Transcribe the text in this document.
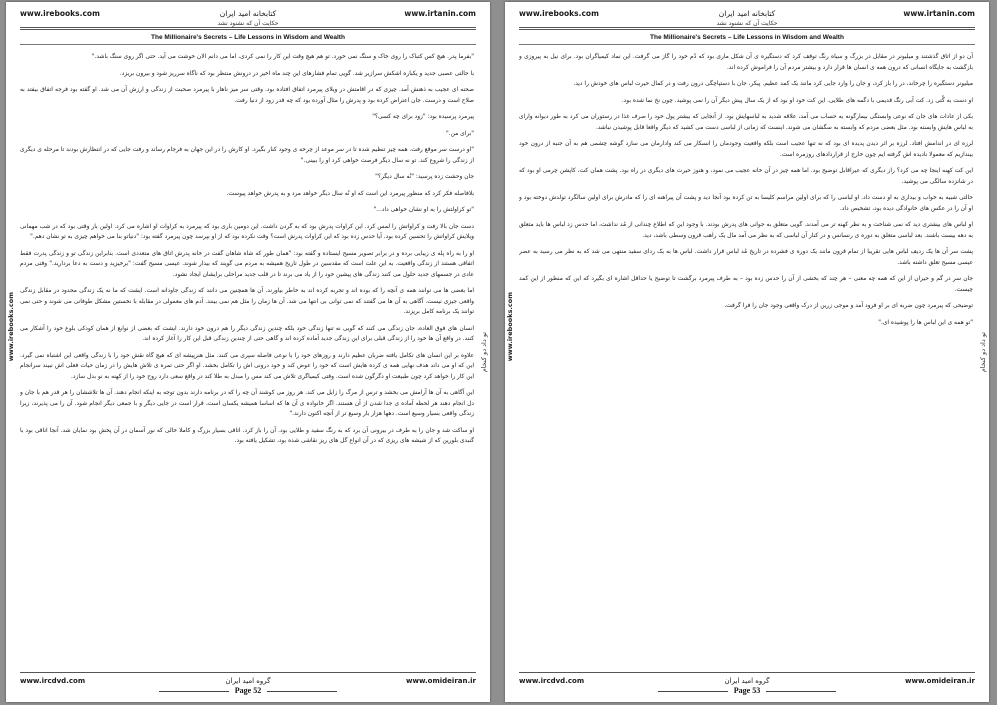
www.irebooks.com	کتابخانه امید ایران	www.irtanin.com
حکایت آن که نشنود نشد
The Millionaire's Secrets – Life Lessons in Wisdom and Wealth

"بفرما پدر. هیچ کس کتباک را روی خاک و سنگ نمی خورد. تو هم هیچ وقت این کار را نمی کردی، اما می دانم الان خوشت می آید. حتی اگر روی سنگ باشد."

با حالتی عصبی جدید و یکباره اشکش سرازیر شد. گویی تمام فشارهای این چند ماه اخیر در درونش منتظر بود که ناگاه سرریز شود و بیرون بریزد.

صحنه ای عجیب به ذهنش آمد. چیزی که در اقامتش در ویلای پیرمرد اتفاق افتاده بود. وقتی سر میز ناهار با پیرمرد صحبت از زندگی و ارزش آن می شد. او گفته بود فرجه اتفاق بیفتد به صلاح است و درست. جان اعتراض کرده بود و پدرش را مثال آورده بود که چه قدر زود از دنیا رفت.

پیرمرد پرسیده بود: "زود برای چه کسی؟"

"برای من."

"او درست سر موقع رفت. همه چیز تنظیم شده تا در سر موعد از چرخه ی وجود کنار بگیرد. او کارش را در این جهان به فرجام رساند و رفت جایی که در انتظارش بودند تا مرحله ی دیگری از زندگی را شروع کند. تو نه سال دیگر فرصت خواهی کرد او را ببینی."

جان وحشت زده پرسید: "نُه سال دیگر؟"

بلافاصله فکر کرد که منظور پیرمرد این است که او نُه سال دیگر خواهد مرد و به پدرش خواهد پیوست.

"تو کراولتش را به او نشان خواهی داد..."

دست جان بالا رفت و کراواتش را لمس کرد. این کراوات پدرش بود که به گردن داشت. این دومین باری بود که پیرمرد به کراوات او اشاره می کرد. اولین بار وقتی بود که در شب مهمانی ویلایش کراواتش را تحسین کرده بود. آیا حدس زده بود که این کراوات پدرش است؟ وقت نکرده بود که از او بپرسد چون پیرمرد گفته بود: "دنیاتو بنا می خواهم چیزی به تو نشان دهم."

او را به راه پله ی زیبایی برده و در برابر تصویر مسیح ایستاده و گفته بود: "همان طور که شاه شاهان گفت در خانه پدرش اتاق های متعددی است. بنابراین زندگی تو و زندگی پدرت فقط اتفاقی هستند از زندگی واقعیت. به این علت است که مقدسین در طول تاریخ همیشه به مردم می گویند که بیدار شوند. عیسی مسیح گفت: "برخیزید و دست به دعا بردارید." وقتی مردم عادی در جسمهای جدید حلول می کنند زندگی های پیشین خود را از یاد می برند تا در قلب جدید مراحلی برایشان ایجاد نشود.

اما بعضی ها می توانند همه ی آنچه را که بوده اند و تجربه کرده اند به خاطر بیاورند. آن ها همچنین می دانند که زندگی جاودانه است. ایشت که ما نه یک زندگی محدود در مقابل زندگی واقعی جیزی نیست. آگاهی به آن ها می گفتند که نمی توانی بی انتها می شد. آن ها زمان را مثل هم نمی بینند. آدم های معمولی در مقابله با نخستین مشکل طوفانی می شوند و حتی نمی توانند یک برنامه کامل بریزند.

انسان های فوق العاده، جان زندگی می کنند که گویی نه تنها زندگی خود بلکه چندین زندگی دیگر را هم درون خود دارند. ایشت که بعضی از نوابغ از همان کودکی بلوغ خود را آشکار می کنند. در واقع آن ها خود را از زندگی قبلی برای این زندگی جدید آماده کرده اند و گاهی حتی از چندین زندگی قبل این کار را آغاز کرده اند.

علاوه بر این انسان های تکامل یافته ضربان عظیم دارند و روزهای خود را با نوعی فاصله سپری می کنند. مثل هنرپیشه ای که هیچ گاه نقش خود را با زندگی واقعی این اشتباه نمی گیرد. این که او می داند هدف نهایی همه ی کرده هایش است که خود را عوض کند و خود درونی اش را تکامل بخشد. او اگر حتی تمره ی تلاش هایش را در زمان حیات فعلی اش نبیند سرانجام این کار را خواهد کرد چون طبیعت او دگرگون شده است. وقتی کیمیاگری تلاش می کند مس را مبدل به طلا کند در واقع سعی دارد روح خود را از کهنه به نو بدل سازد.

این آگاهی به آن ها آرامش می بخشد و ترس از مرگ را زایل می کند. هر روز می کوشند آن چه را که در برنامه دارند بدون توجه به اینکه انجام دهند. آن ها تلاششان را هر قدر هم با جان و دل انجام دهند هر لحظه آماده ی جدا شدن از آن هستند. اگر خانواده ی آن ها که اساسا همیشه یکسان است، قرار است در جایی دیگر و با جمعی دیگر انجام شود. آن را می پذیرند، زیرا زندگی واقعی بسیار وسیع است. دهها هزار بار وسیع تر از آنچه اکنون دارند."

او ساکت شد و جان را به طرف در بیرونی آن برد که به رنگ سفید و طلایی بود. آن را باز کرد. اتاقی بسیار بزرگ و کاملا خالی که نور آسمان در آن پخش بود نمایان شد. آنجا اتاقی بود با گنبدی بلورین که از شیشه های ریزی که در آن انواع گل های ریز نقاشی شده بود، تشکیل یافته بود.

www.irebooks.com	تو داد دو کنخام
www.ircdvd.com	گروه امید ایران	www.omideiran.ir
Page 52
www.irebooks.com	کتابخانه امید ایران	www.irtanin.com
حکایت آن که نشنود نشد
The Millionaire's Secrets – Life Lessons in Wisdom and Wealth

آن دو از اتاق گذشتند و میلیونر در مقابل در بزرگ و سیاه رنگ توقف کرد که دستگیره ی آن شکل ماری بود که دُم خود را گاز می گرفت. این نماد کیمیاگران بود. برای نیل به پیروزی و بازگشت به جایگاه انسانی که درون همه ی انسان ها قرار دارد و بیشتر مردم آن را فراموش کرده اند.

میلیونر دستگیره را چرخاند، در را باز کرد، و جان را وارد جایی کرد مانند یک کمد عظیم. پیکر، جان با دستپاچگی درون رفت و در کمال حیرت لباس های خودش را دید.

او دست به گُتی زد. کت آبی رنگ قدیمی با دگمه های طلایی. این کت خود او بود که از یک سال پیش دیگر آن را نمی پوشید. چون نخ نما شده بود.

بکی از عادات های جان که نوعی وابستگی بیمارگونه به حساب می آمد، علاقه شدید به لباسهایش بود. از آنجایی که بیشتر پول خود را صرف غذا در رستوران می کرد به طور دیوانه وارای به لباس هایش وابسته بود. مثل بعضی مردم که وابسته به سگشان می شوند. اینست که زمانی از لباسی دست می کشید که دیگر واقعا قابل پوشیدن نباشد.

لرزه ای در اندامش افتاد. لرزه بر اثر دیدن پدیده ای بود که نه تنها عجیب است بلکه واقعیت وجودمان را انسکار می کند وادارمان می سازد گوشه چشمی هم به آن جنبه از درون خود بیندازیم که معمولا نادیده اش گرفته ایم چون خارج از قراردادهای روزمره است.

این کت کهنه اینجا چه می کرد؟ راز دیگری که عیراقابل توضیح بود. اما همه چیز در آن خانه عجیب می نمود، و هنوز حیرت های دیگری در راه بود. پشت همان کت، کاپشن چرمی او بود که در شانزده سالگی می پوشید.

حالتی شبیه به خواب و بیداری به او دست داد. او لباسی را که برای اولین مراسم کلیسا به تن کرده بود آنجا دید و پشت آن پیراهنه ای را که مادرش برای اولین سالگرد تولدش دوخته بود و او آن را در عکس های خانوادگی دیده بود، تشخیص داد.

او لباس های بیشتری دید که نمی شناخت و به نظر کهنه تر می آمدند. گویی متعلق به جوانی های پدرش بودند. با وجود این که اطلاع چندانی از مُد نداشت، اما حدس زد لباس ها باید متعلق به دهه بیست باشند. بعد لباسی متعلق به دوره ی رنسانس و در کنار آن لباسی که به نظر می آمد مال یک راهب قرون وسطی باشد، دید.

پشت سر آن ها یک ردیف لباس هایی تقریبا از تمام قرون مانند یک دوره ی فشرده در تاریخ مُد لباس قرار داشت. لباس ها به یک ردای سفید منتهی می شد که به نظر می رسید به عصر عیسی مسیح تعلق داشته باشد.

جان سر در گم و حیران از این که همه چه معنی – هر چند که بخشی از آن را حدس زده بود – به طرف پیرمرد برگشت تا توضیح یا حداقل اشاره ای بگیرد که این که منظور از این کمد چیست.

توضیحی که پیرمرد چون ضربه ای بر او فرود آمد و موجی زرین از درک واقعی وجود جان را فرا گرفت.

"تو همه ی این لباس ها را پوشیده ای."

www.irebooks.com	تو داد دو کنخام
www.ircdvd.com	گروه امید ایران	www.omideiran.ir
Page 53
